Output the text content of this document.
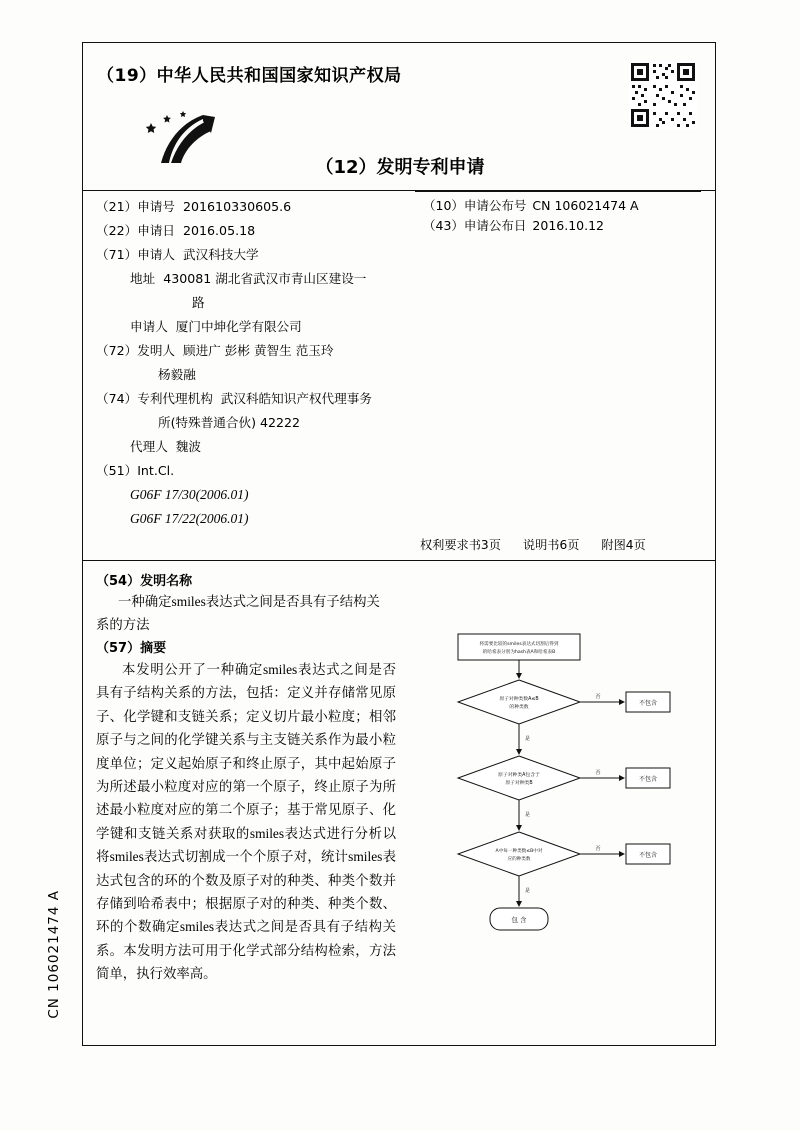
（19）中华人民共和国国家知识产权局
（12）发明专利申请
（10）申请公布号 CN 106021474 A
（43）申请公布日 2016.10.12
（21）申请号 201610330605.6
（22）申请日 2016.05.18
（71）申请人 武汉科技大学
地址 430081 湖北省武汉市青山区建设一
路
申请人 厦门中坤化学有限公司
（72）发明人 顾进广 彭彬 黄智生 范玉玲
杨毅融
（74）专利代理机构 武汉科皓知识产权代理事务
所(特殊普通合伙) 42222
代理人 魏波
（51）Int.Cl.
G06F 17/30(2006.01)
G06F 17/22(2006.01)
权利要求书3页 说明书6页 附图4页
（54）发明名称
一种确定smiles表达式之间是否具有子结构关系的方法
（57）摘要
本发明公开了一种确定smiles表达式之间是否具有子结构关系的方法，包括：定义并存储常见原子、化学键和支链关系；定义切片最小粒度；相邻原子与之间的化学键关系与主支链关系作为最小粒度单位；定义起始原子和终止原子，其中起始原子为所述最小粒度对应的第一个原子，终止原子为所述最小粒度对应的第二个原子；基于常见原子、化学键和支链关系对获取的smiles表达式进行分析以将smiles表达式切割成一个个原子对，统计smiles表达式包含的环的个数及原子对的种类、种类个数并存储到哈希表中；根据原子对的种类、种类个数、环的个数确定smiles表达式之间是否具有子结构关系。本发明方法可用于化学式部分结构检索，方法简单，执行效率高。
CN 106021474 A
将需要比较的smiles表达式切割后得到
的哈希表分别为hash表A和哈希表B
原子对种类数A≤B
的种类数
否
不包含
是
原子对种类A包含于
原子对种类B
否
不包含
是
A中每一种类数≤B中对
应的种类数
否
不包含
是
包 含
